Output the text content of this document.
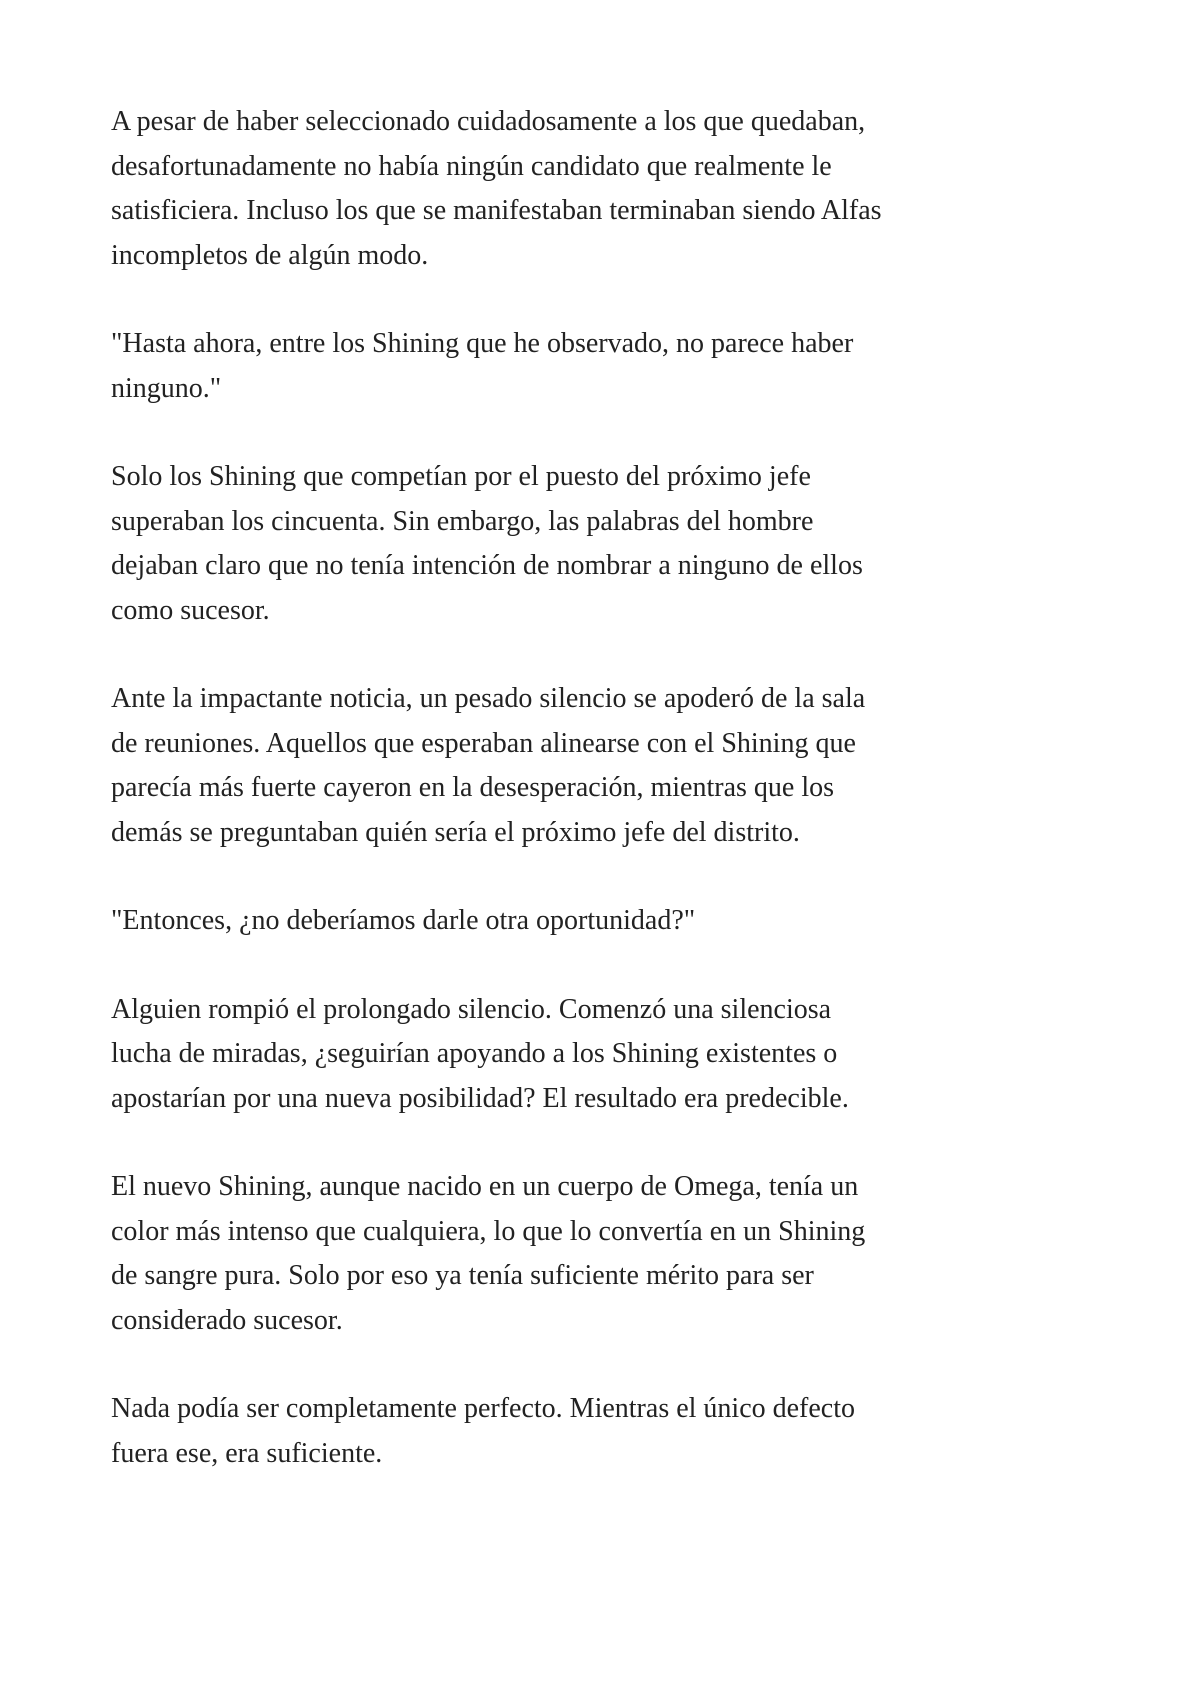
A pesar de haber seleccionado cuidadosamente a los que quedaban,
desafortunadamente no había ningún candidato que realmente le
satisficiera. Incluso los que se manifestaban terminaban siendo Alfas
incompletos de algún modo.

"Hasta ahora, entre los Shining que he observado, no parece haber
ninguno."

Solo los Shining que competían por el puesto del próximo jefe
superaban los cincuenta. Sin embargo, las palabras del hombre
dejaban claro que no tenía intención de nombrar a ninguno de ellos
como sucesor.

Ante la impactante noticia, un pesado silencio se apoderó de la sala
de reuniones. Aquellos que esperaban alinearse con el Shining que
parecía más fuerte cayeron en la desesperación, mientras que los
demás se preguntaban quién sería el próximo jefe del distrito.

"Entonces, ¿no deberíamos darle otra oportunidad?"

Alguien rompió el prolongado silencio. Comenzó una silenciosa
lucha de miradas, ¿seguirían apoyando a los Shining existentes o
apostarían por una nueva posibilidad? El resultado era predecible.

El nuevo Shining, aunque nacido en un cuerpo de Omega, tenía un
color más intenso que cualquiera, lo que lo convertía en un Shining
de sangre pura. Solo por eso ya tenía suficiente mérito para ser
considerado sucesor.

Nada podía ser completamente perfecto. Mientras el único defecto
fuera ese, era suficiente.
